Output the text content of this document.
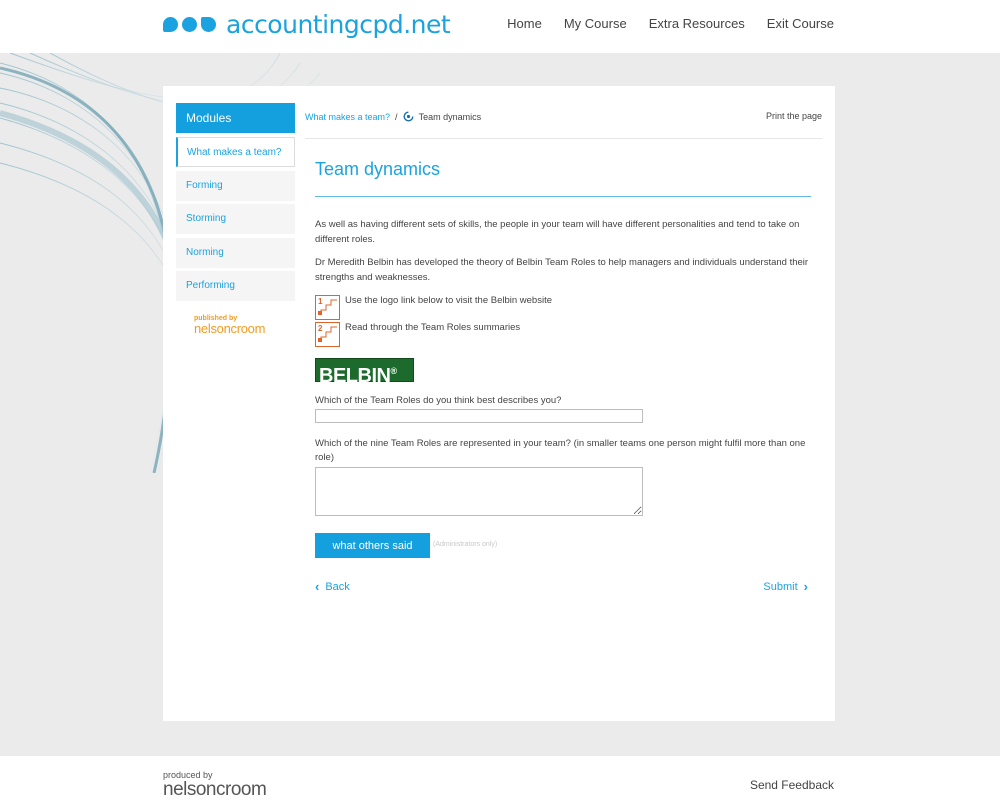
accountingcpd.net	Home My Course Extra Resources Exit Course
Modules
What makes a team?
Forming
Storming
Norming
Performing
published by
nelsoncroom
What makes a team? / Team dynamics	Print the page
Team dynamics

As well as having different sets of skills, the people in your team will have different personalities and tend to take on different roles.

Dr Meredith Belbin has developed the theory of Belbin Team Roles to help managers and individuals understand their strengths and weaknesses.

1 Use the logo link below to visit the Belbin website
2 Read through the Team Roles summaries
BELBIN®
Which of the Team Roles do you think best describes you?
Which of the nine Team Roles are represented in your team? (in smaller teams one person might fulfil more than one role)
what others said	(Administrators only)
‹ Back	Submit ›
produced by
nelsoncroom	Send Feedback
